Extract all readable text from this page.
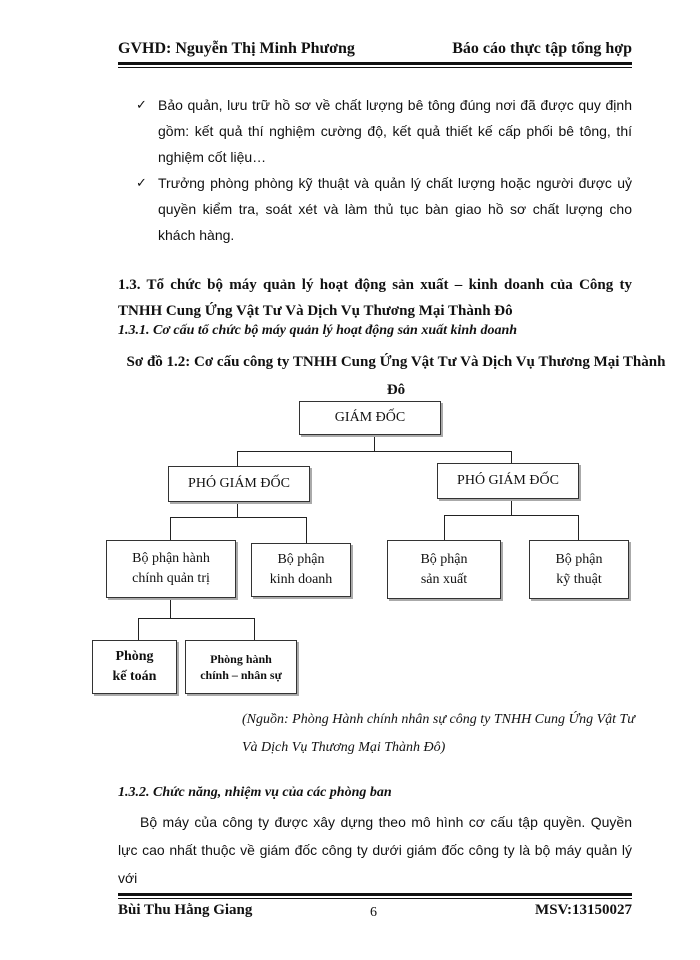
GVHD: Nguyễn Thị Minh Phương	Báo cáo thực tập tổng hợp
✓ Bảo quản, lưu trữ hồ sơ về chất lượng bê tông đúng nơi đã được quy định gồm: kết quả thí nghiệm cường độ, kết quả thiết kế cấp phối bê tông, thí nghiệm cốt liệu…
✓ Trưởng phòng phòng kỹ thuật và quản lý chất lượng hoặc người được uỷ quyền kiểm tra, soát xét và làm thủ tục bàn giao hồ sơ chất lượng cho khách hàng.
1.3. Tổ chức bộ máy quản lý hoạt động sản xuất – kinh doanh của Công ty TNHH Cung Ứng Vật Tư Và Dịch Vụ Thương Mại Thành Đô
1.3.1. Cơ cấu tổ chức bộ máy quản lý hoạt động sản xuất kinh doanh
Sơ đồ 1.2: Cơ cấu công ty TNHH Cung Ứng Vật Tư Và Dịch Vụ Thương Mại Thành Đô
GIÁM ĐỐC
PHÓ GIÁM ĐỐC	PHÓ GIÁM ĐỐC
Bộ phận hành
chính quản trị
Bộ phận
kinh doanh
Bộ phận
sản xuất
Bộ phận
kỹ thuật
Phòng
kế toán
Phòng hành
chính – nhân sự
(Nguồn: Phòng Hành chính nhân sự công ty TNHH Cung Ứng Vật Tư Và Dịch Vụ Thương Mại Thành Đô)
1.3.2. Chức năng, nhiệm vụ của các phòng ban
Bộ máy của công ty được xây dựng theo mô hình cơ cấu tập quyền. Quyền lực cao nhất thuộc về giám đốc công ty dưới giám đốc công ty là bộ máy quản lý với
Bùi Thu Hằng Giang	6	MSV:13150027
